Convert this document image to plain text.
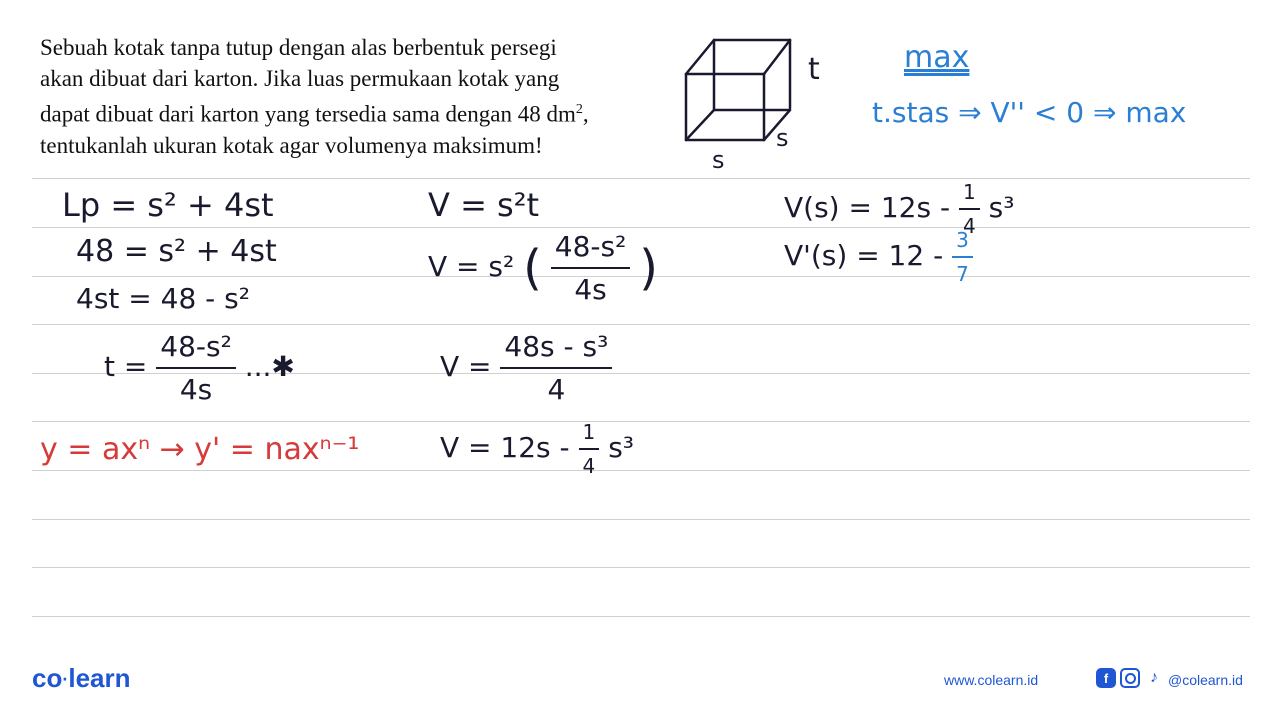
Sebuah kotak tanpa tutup dengan alas berbentuk persegi
akan dibuat dari karton. Jika luas permukaan kotak yang
dapat dibuat dari karton yang tersedia sama dengan 48 $dm^2$,
tentukanlah ukuran kotak agar volumenya maksimum!
t
s
s
max
t.stas ⇒ V'' < 0 ⇒ max
Lp = s² + 4st
48 = s² + 4st
4st = 48 - s²
$t = \frac{\text{48-s²}}{4s}$ ...✱
y = axⁿ → y' = naxⁿ⁻¹
V = s²t
V = s² ( $\frac{\text{48-s²}}{4s}$ )
$V = \frac{\text{48s - s³}}{4}$
$V = 12s - \frac{1}{4} s^3$
$V(s) = 12s - \frac{1}{4} s^3$
$V'(s) = 12 - \frac{3}{7}$
co·learn	www.colearn.id	f	♪ @colearn.id
